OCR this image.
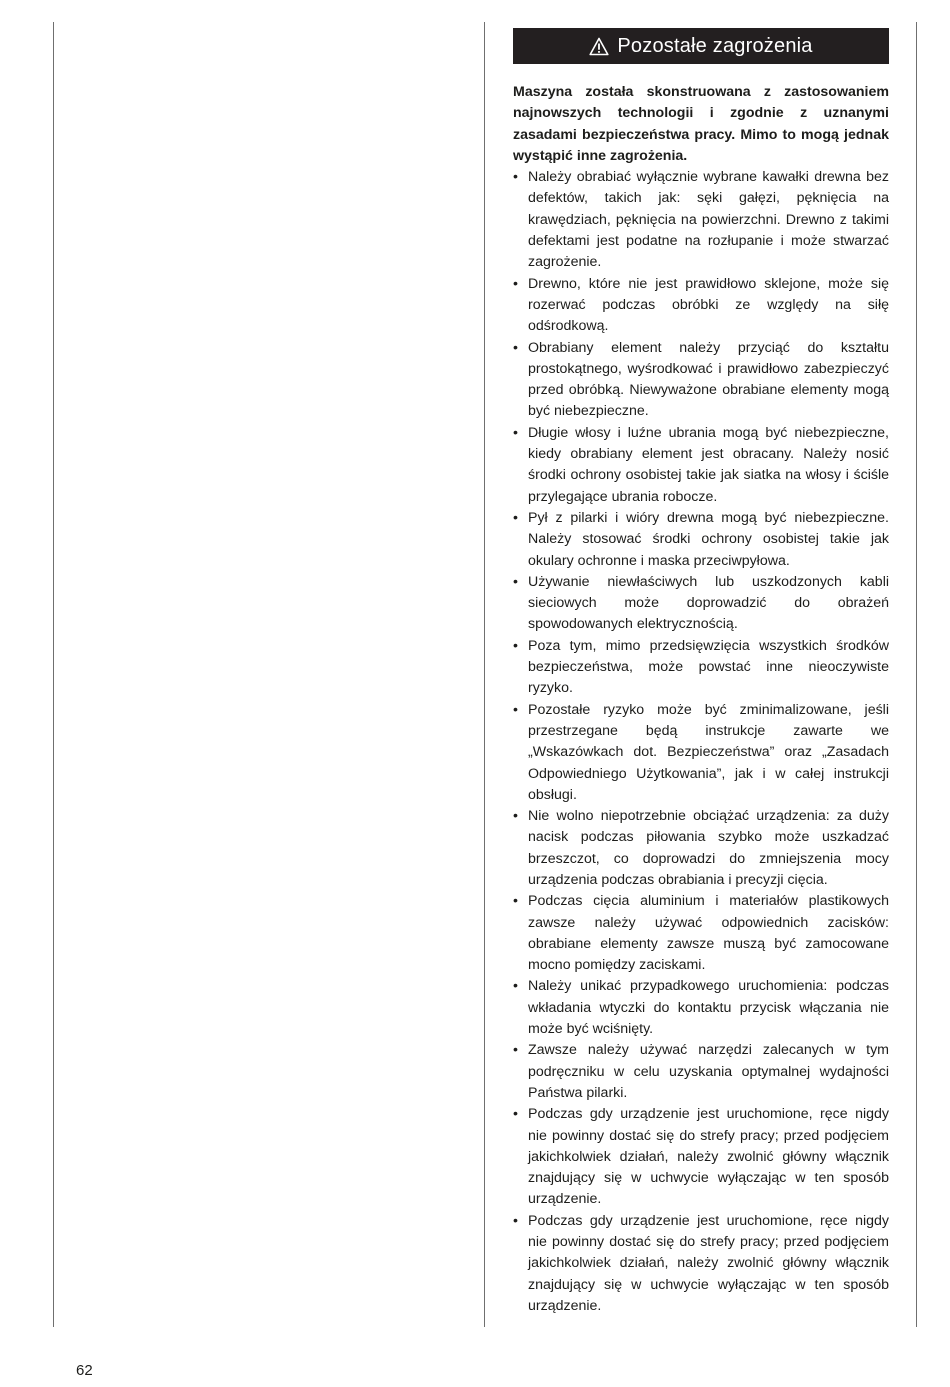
Pozostałe zagrożenia

Maszyna została skonstruowana z zastosowaniem najnowszych technologii i zgodnie z uznanymi zasadami bezpieczeństwa pracy. Mimo to mogą jednak wystąpić inne zagrożenia.

• Należy obrabiać wyłącznie wybrane kawałki drewna bez defektów, takich jak: sęki gałęzi, pęknięcia na krawędziach, pęknięcia na powierzchni. Drewno z takimi defektami jest podatne na rozłupanie i może stwarzać zagrożenie.
• Drewno, które nie jest prawidłowo sklejone, może się rozerwać podczas obróbki ze względy na siłę odśrodkową.
• Obrabiany element należy przyciąć do kształtu prostokątnego, wyśrodkować i prawidłowo zabezpieczyć przed obróbką. Niewyważone obrabiane elementy mogą być niebezpieczne.
• Długie włosy i luźne ubrania mogą być niebezpieczne, kiedy obrabiany element jest obracany. Należy nosić środki ochrony osobistej takie jak siatka na włosy i ściśle przylegające ubrania robocze.
• Pył z pilarki i wióry drewna mogą być niebezpieczne. Należy stosować środki ochrony osobistej takie jak okulary ochronne i maska przeciwpyłowa.
• Używanie niewłaściwych lub uszkodzonych kabli sieciowych może doprowadzić do obrażeń spowodowanych elektrycznością.
• Poza tym, mimo przedsięwzięcia wszystkich środków bezpieczeństwa, może powstać inne nieoczywiste ryzyko.
• Pozostałe ryzyko może być zminimalizowane, jeśli przestrzegane będą instrukcje zawarte we „Wskazówkach dot. Bezpieczeństwa” oraz „Zasadach Odpowiedniego Użytkowania”, jak i w całej instrukcji obsługi.
• Nie wolno niepotrzebnie obciążać urządzenia: za duży nacisk podczas piłowania szybko może uszkadzać brzeszczot, co doprowadzi do zmniejszenia mocy urządzenia podczas obrabiania i precyzji cięcia.
• Podczas cięcia aluminium i materiałów plastikowych zawsze należy używać odpowiednich zacisków: obrabiane elementy zawsze muszą być zamocowane mocno pomiędzy zaciskami.
• Należy unikać przypadkowego uruchomienia: podczas wkładania wtyczki do kontaktu przycisk włączania nie może być wciśnięty.
• Zawsze należy używać narzędzi zalecanych w tym podręczniku w celu uzyskania optymalnej wydajności Państwa pilarki.
• Podczas gdy urządzenie jest uruchomione, ręce nigdy nie powinny dostać się do strefy pracy; przed podjęciem jakichkolwiek działań, należy zwolnić główny włącznik znajdujący się w uchwycie wyłączając w ten sposób urządzenie.
• Podczas gdy urządzenie jest uruchomione, ręce nigdy nie powinny dostać się do strefy pracy; przed podjęciem jakichkolwiek działań, należy zwolnić główny włącznik znajdujący się w uchwycie wyłączając w ten sposób urządzenie.
62
